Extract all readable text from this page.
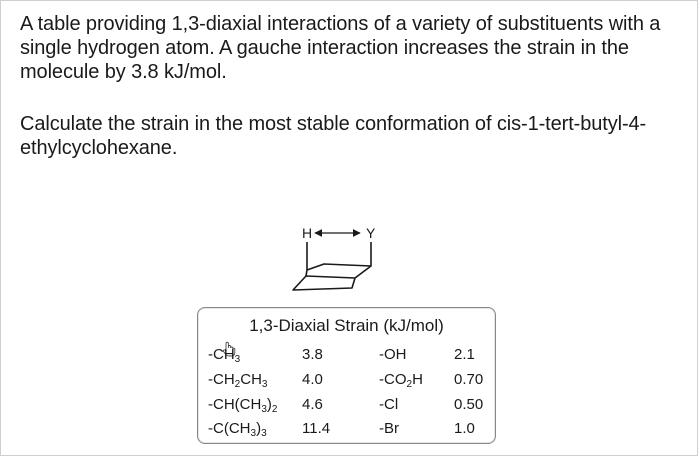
A table providing 1,3-diaxial interactions of a variety of substituents with a single hydrogen atom. A gauche interaction increases the strain in the molecule by 3.8 kJ/mol.

Calculate the strain in the most stable conformation of cis-1-tert-butyl-4-ethylcyclohexane.

H	Y
1,3-Diaxial Strain (kJ/mol)
$-CH_3$
$-CH_2CH_3$
$-CH(CH_3)_2$
$-C(CH_3)_3$
3.8
4.0
4.6
11.4
-OH
$-CO_2H$
-Cl
-Br
2.1
0.70
0.50
1.0
